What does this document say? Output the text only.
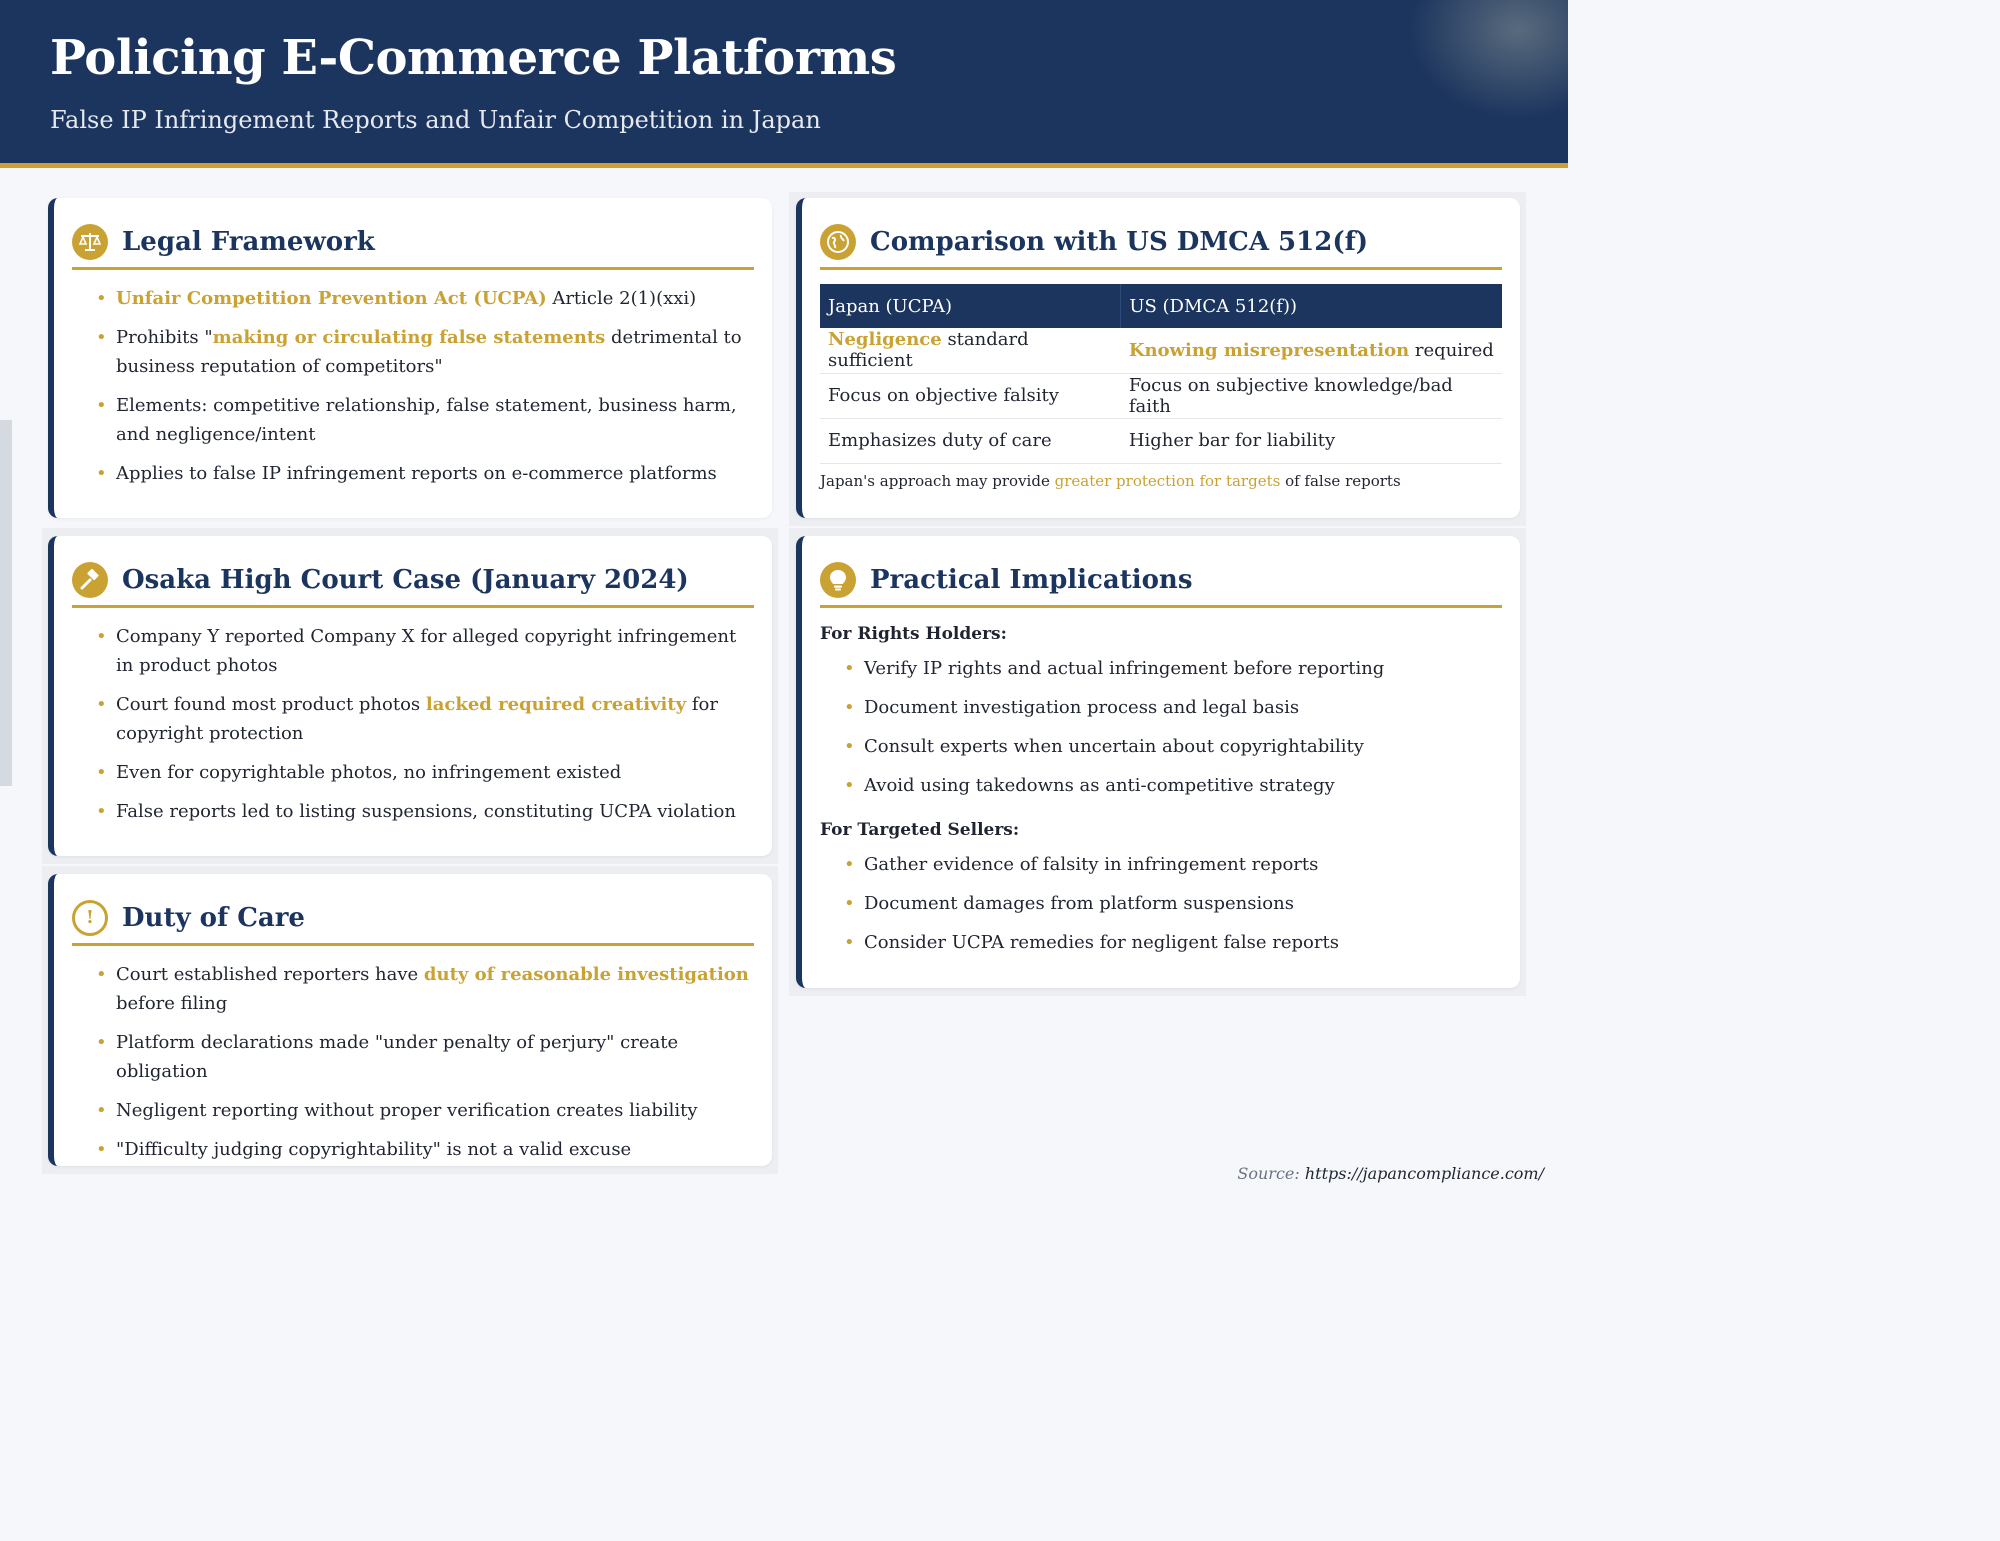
Policing E-Commerce Platforms
False IP Infringement Reports and Unfair Competition in Japan
Legal Framework
• Unfair Competition Prevention Act (UCPA) Article 2(1)(xxi)
• Prohibits "making or circulating false statements detrimental to business reputation of competitors"
• Elements: competitive relationship, false statement, business harm, and negligence/intent
• Applies to false IP infringement reports on e-commerce platforms
Osaka High Court Case (January 2024)
• Company Y reported Company X for alleged copyright infringement in product photos
• Court found most product photos lacked required creativity for copyright protection
• Even for copyrightable photos, no infringement existed
• False reports led to listing suspensions, constituting UCPA violation
! Duty of Care
• Court established reporters have duty of reasonable investigation before filing
• Platform declarations made "under penalty of perjury" create obligation
• Negligent reporting without proper verification creates liability
• "Difficulty judging copyrightability" is not a valid excuse
Comparison with US DMCA 512(f)
Japan (UCPA)	US (DMCA 512(f))
Negligence standard sufficient	Knowing misrepresentation required
Focus on objective falsity	Focus on subjective knowledge/bad faith
Emphasizes duty of care	Higher bar for liability
Japan's approach may provide greater protection for targets of false reports
Practical Implications
For Rights Holders:
• Verify IP rights and actual infringement before reporting
• Document investigation process and legal basis
• Consult experts when uncertain about copyrightability
• Avoid using takedowns as anti-competitive strategy
For Targeted Sellers:
• Gather evidence of falsity in infringement reports
• Document damages from platform suspensions
• Consider UCPA remedies for negligent false reports
Source: https://japancompliance.com/
